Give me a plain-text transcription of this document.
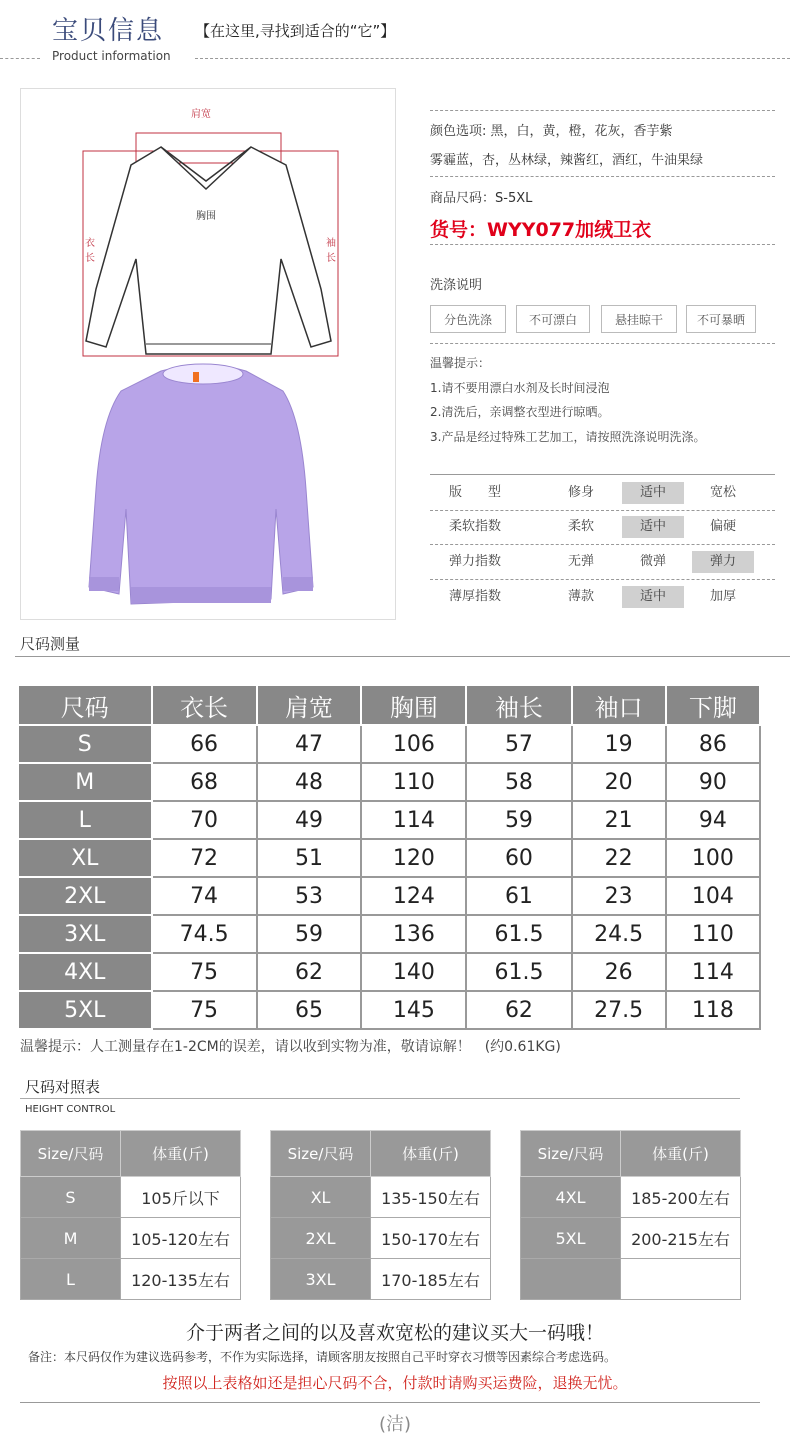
宝贝信息 【在这里,寻找到适合的“它”】
Product information
肩宽
胸围
衣
长
袖
长
颜色选项: 黑，白，黄，橙，花灰，香芋紫
雾霾蓝，杏，丛林绿，辣酱红，酒红，牛油果绿
商品尺码：S-5XL
货号：WYY077加绒卫衣
洗涤说明
分色洗涤	不可漂白	悬挂晾干	不可暴晒
温馨提示：
1.请不要用漂白水剂及长时间浸泡
2.清洗后，亲调整衣型进行晾晒。
3.产品是经过特殊工艺加工，请按照洗涤说明洗涤。
版　　型	修身	适中	宽松
柔软指数	柔软	适中	偏硬
弹力指数	无弹	微弹	弹力
薄厚指数	薄款	适中	加厚
尺码测量
尺码	衣长	肩宽	胸围	袖长	袖口	下脚
S	66	47	106	57	19	86
M	68	48	110	58	20	90
L	70	49	114	59	21	94
XL	72	51	120	60	22	100
2XL	74	53	124	61	23	104
3XL	74.5	59	136	61.5	24.5	110
4XL	75	62	140	61.5	26	114
5XL	75	65	145	62	27.5	118
温馨提示：人工测量存在1-2CM的误差，请以收到实物为准，敬请谅解！　(约0.61KG)
尺码对照表
HEIGHT CONTROL
Size/尺码	体重(斤)
S	105斤以下
M	105-120左右
L	120-135左右
Size/尺码	体重(斤)
XL	135-150左右
2XL	150-170左右
3XL	170-185左右
Size/尺码	体重(斤)
4XL	185-200左右
5XL	200-215左右

介于两者之间的以及喜欢宽松的建议买大一码哦！
备注：本尺码仅作为建议选码参考，不作为实际选择，请顾客朋友按照自己平时穿衣习惯等因素综合考虑选码。
按照以上表格如还是担心尺码不合，付款时请购买运费险，退换无忧。
(洁)
